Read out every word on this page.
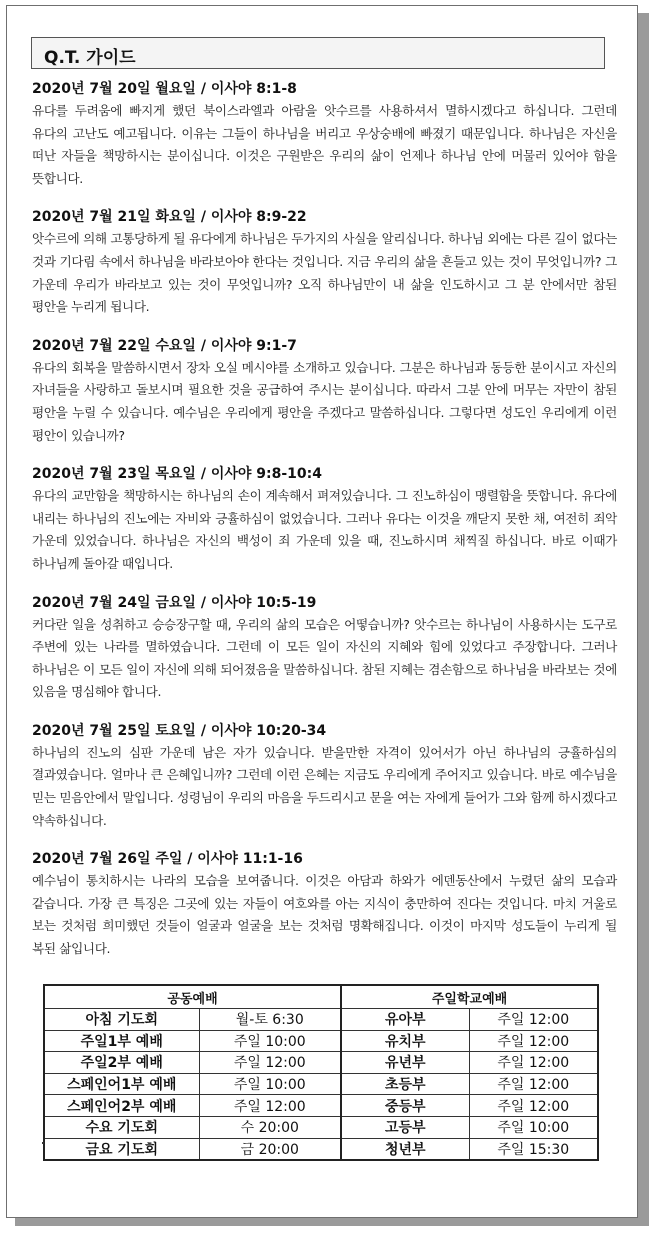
Q.T. 가이드
2020년 7월 20일 월요일 / 이사야 8:1-8
유다를 두려움에 빠지게 했던 북이스라엘과 아람을 앗수르를 사용하셔서 멸하시겠다고 하십니다. 그런데 유다의 고난도 예고됩니다. 이유는 그들이 하나님을 버리고 우상숭배에 빠졌기 때문입니다. 하나님은 자신을 떠난 자들을 책망하시는 분이십니다. 이것은 구원받은 우리의 삶이 언제나 하나님 안에 머물러 있어야 함을 뜻합니다.
2020년 7월 21일 화요일 / 이사야 8:9-22
앗수르에 의해 고통당하게 될 유다에게 하나님은 두가지의 사실을 알리십니다. 하나님 외에는 다른 길이 없다는 것과 기다림 속에서 하나님을 바라보아야 한다는 것입니다. 지금 우리의 삶을 흔들고 있는 것이 무엇입니까? 그 가운데 우리가 바라보고 있는 것이 무엇입니까? 오직 하나님만이 내 삶을 인도하시고 그 분 안에서만 참된 평안을 누리게 됩니다.
2020년 7월 22일 수요일 / 이사야 9:1-7
유다의 회복을 말씀하시면서 장차 오실 메시야를 소개하고 있습니다. 그분은 하나님과 동등한 분이시고 자신의 자녀들을 사랑하고 돌보시며 필요한 것을 공급하여 주시는 분이십니다. 따라서 그분 안에 머무는 자만이 참된 평안을 누릴 수 있습니다. 예수님은 우리에게 평안을 주겠다고 말씀하십니다. 그렇다면 성도인 우리에게 이런 평안이 있습니까?
2020년 7월 23일 목요일 / 이사야 9:8-10:4
유다의 교만함을 책망하시는 하나님의 손이 계속해서 펴져있습니다. 그 진노하심이 맹렬함을 뜻합니다. 유다에 내리는 하나님의 진노에는 자비와 긍휼하심이 없었습니다. 그러나 유다는 이것을 깨닫지 못한 채, 여전히 죄악 가운데 있었습니다. 하나님은 자신의 백성이 죄 가운데 있을 때, 진노하시며 채찍질 하십니다. 바로 이때가 하나님께 돌아갈 때입니다.
2020년 7월 24일 금요일 / 이사야 10:5-19
커다란 일을 성취하고 승승장구할 때, 우리의 삶의 모습은 어떻습니까? 앗수르는 하나님이 사용하시는 도구로 주변에 있는 나라를 멸하였습니다. 그런데 이 모든 일이 자신의 지혜와 힘에 있었다고 주장합니다. 그러나 하나님은 이 모든 일이 자신에 의해 되어졌음을 말씀하십니다. 참된 지혜는 겸손함으로 하나님을 바라보는 것에 있음을 명심해야 합니다.
2020년 7월 25일 토요일 / 이사야 10:20-34
하나님의 진노의 심판 가운데 남은 자가 있습니다. 받을만한 자격이 있어서가 아닌 하나님의 긍휼하심의 결과였습니다. 얼마나 큰 은혜입니까? 그런데 이런 은혜는 지금도 우리에게 주어지고 있습니다. 바로 예수님을 믿는 믿음안에서 말입니다. 성령님이 우리의 마음을 두드리시고 문을 여는 자에게 들어가 그와 함께 하시겠다고 약속하십니다.
2020년 7월 26일 주일 / 이사야 11:1-16
예수님이 통치하시는 나라의 모습을 보여줍니다. 이것은 아담과 하와가 에덴동산에서 누렸던 삶의 모습과 같습니다. 가장 큰 특징은 그곳에 있는 자들이 여호와를 아는 지식이 충만하여 진다는 것입니다. 마치 거울로 보는 것처럼 희미했던 것들이 얼굴과 얼굴을 보는 것처럼 명확해집니다. 이것이 마지막 성도들이 누리게 될 복된 삶입니다.
공동예배		주일학교예배	
아침 기도회	월-토 6:30	유아부	주일 12:00
주일1부 예배	주일 10:00	유치부	주일 12:00
주일2부 예배	주일 12:00	유년부	주일 12:00
스페인어1부 예배	주일 10:00	초등부	주일 12:00
스페인어2부 예배	주일 12:00	중등부	주일 12:00
수요 기도회	수 20:00	고등부	주일 10:00
금요 기도회	금 20:00	청년부	주일 15:30
